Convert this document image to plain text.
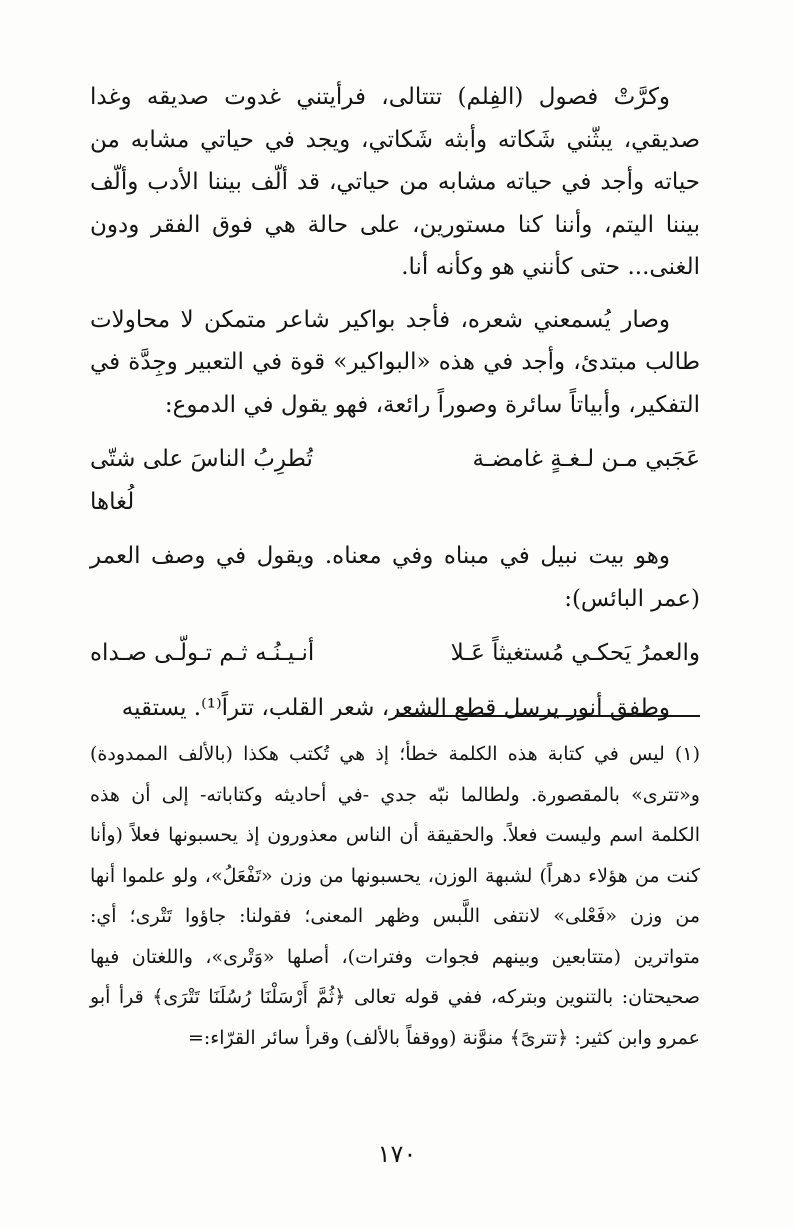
وكرَّتْ فصول (الفِلم) تتتالى، فرأيتني غدوت صديقه وغدا صديقي، يبثّني شَكاته وأبثه شَكاتي، ويجد في حياتي مشابه من حياته وأجد في حياته مشابه من حياتي، قد ألّف بيننا الأدب وألّف بيننا اليتم، وأننا كنا مستورين، على حالة هي فوق الفقر ودون الغنى... حتى كأنني هو وكأنه أنا.

وصار يُسمعني شعره، فأجد بواكير شاعر متمكن لا محاولات طالب مبتدئ، وأجد في هذه «البواكير» قوة في التعبير وجِدَّة في التفكير، وأبياتاً سائرة وصوراً رائعة، فهو يقول في الدموع:

عَجَبي مـن لـغـةٍ غامضـة
تُطرِبُ الناسَ على شتّى لُغاها

وهو بيت نبيل في مبناه وفي معناه. ويقول في وصف العمر (عمر البائس):

والعمرُ يَحكـي مُستغيثاً عَـلا
أنـيـنُـه ثـم تـولّـى صـداه

وطفق أنور يرسل قطع الشعر، شعر القلب، تتراً⁽¹⁾. يستقيه

(١) ليس في كتابة هذه الكلمة خطأ؛ إذ هي تُكتب هكذا (بالألف الممدودة) و«تترى» بالمقصورة. ولطالما نبّه جدي -في أحاديثه وكتاباته- إلى أن هذه الكلمة اسم وليست فعلاً. والحقيقة أن الناس معذورون إذ يحسبونها فعلاً (وأنا كنت من هؤلاء دهراً) لشبهة الوزن، يحسبونها من وزن «تَفْعَلُ»، ولو علموا أنها من وزن «فَعْلى» لانتفى اللَّبس وظهر المعنى؛ فقولنا: جاؤوا تَتْرى؛ أي: متواترين (متتابعين وبينهم فجوات وفترات)، أصلها «وَتْرى»، واللغتان فيها صحيحتان: بالتنوين وبتركه، ففي قوله تعالى ﴿ثُمَّ أَرْسَلْنَا رُسُلَنَا تَتْرَى﴾ قرأ أبو عمرو وابن كثير: ﴿تترىً﴾ منوَّنة (ووقفاً بالألف) وقرأ سائر القرّاء:=

١٧٠
